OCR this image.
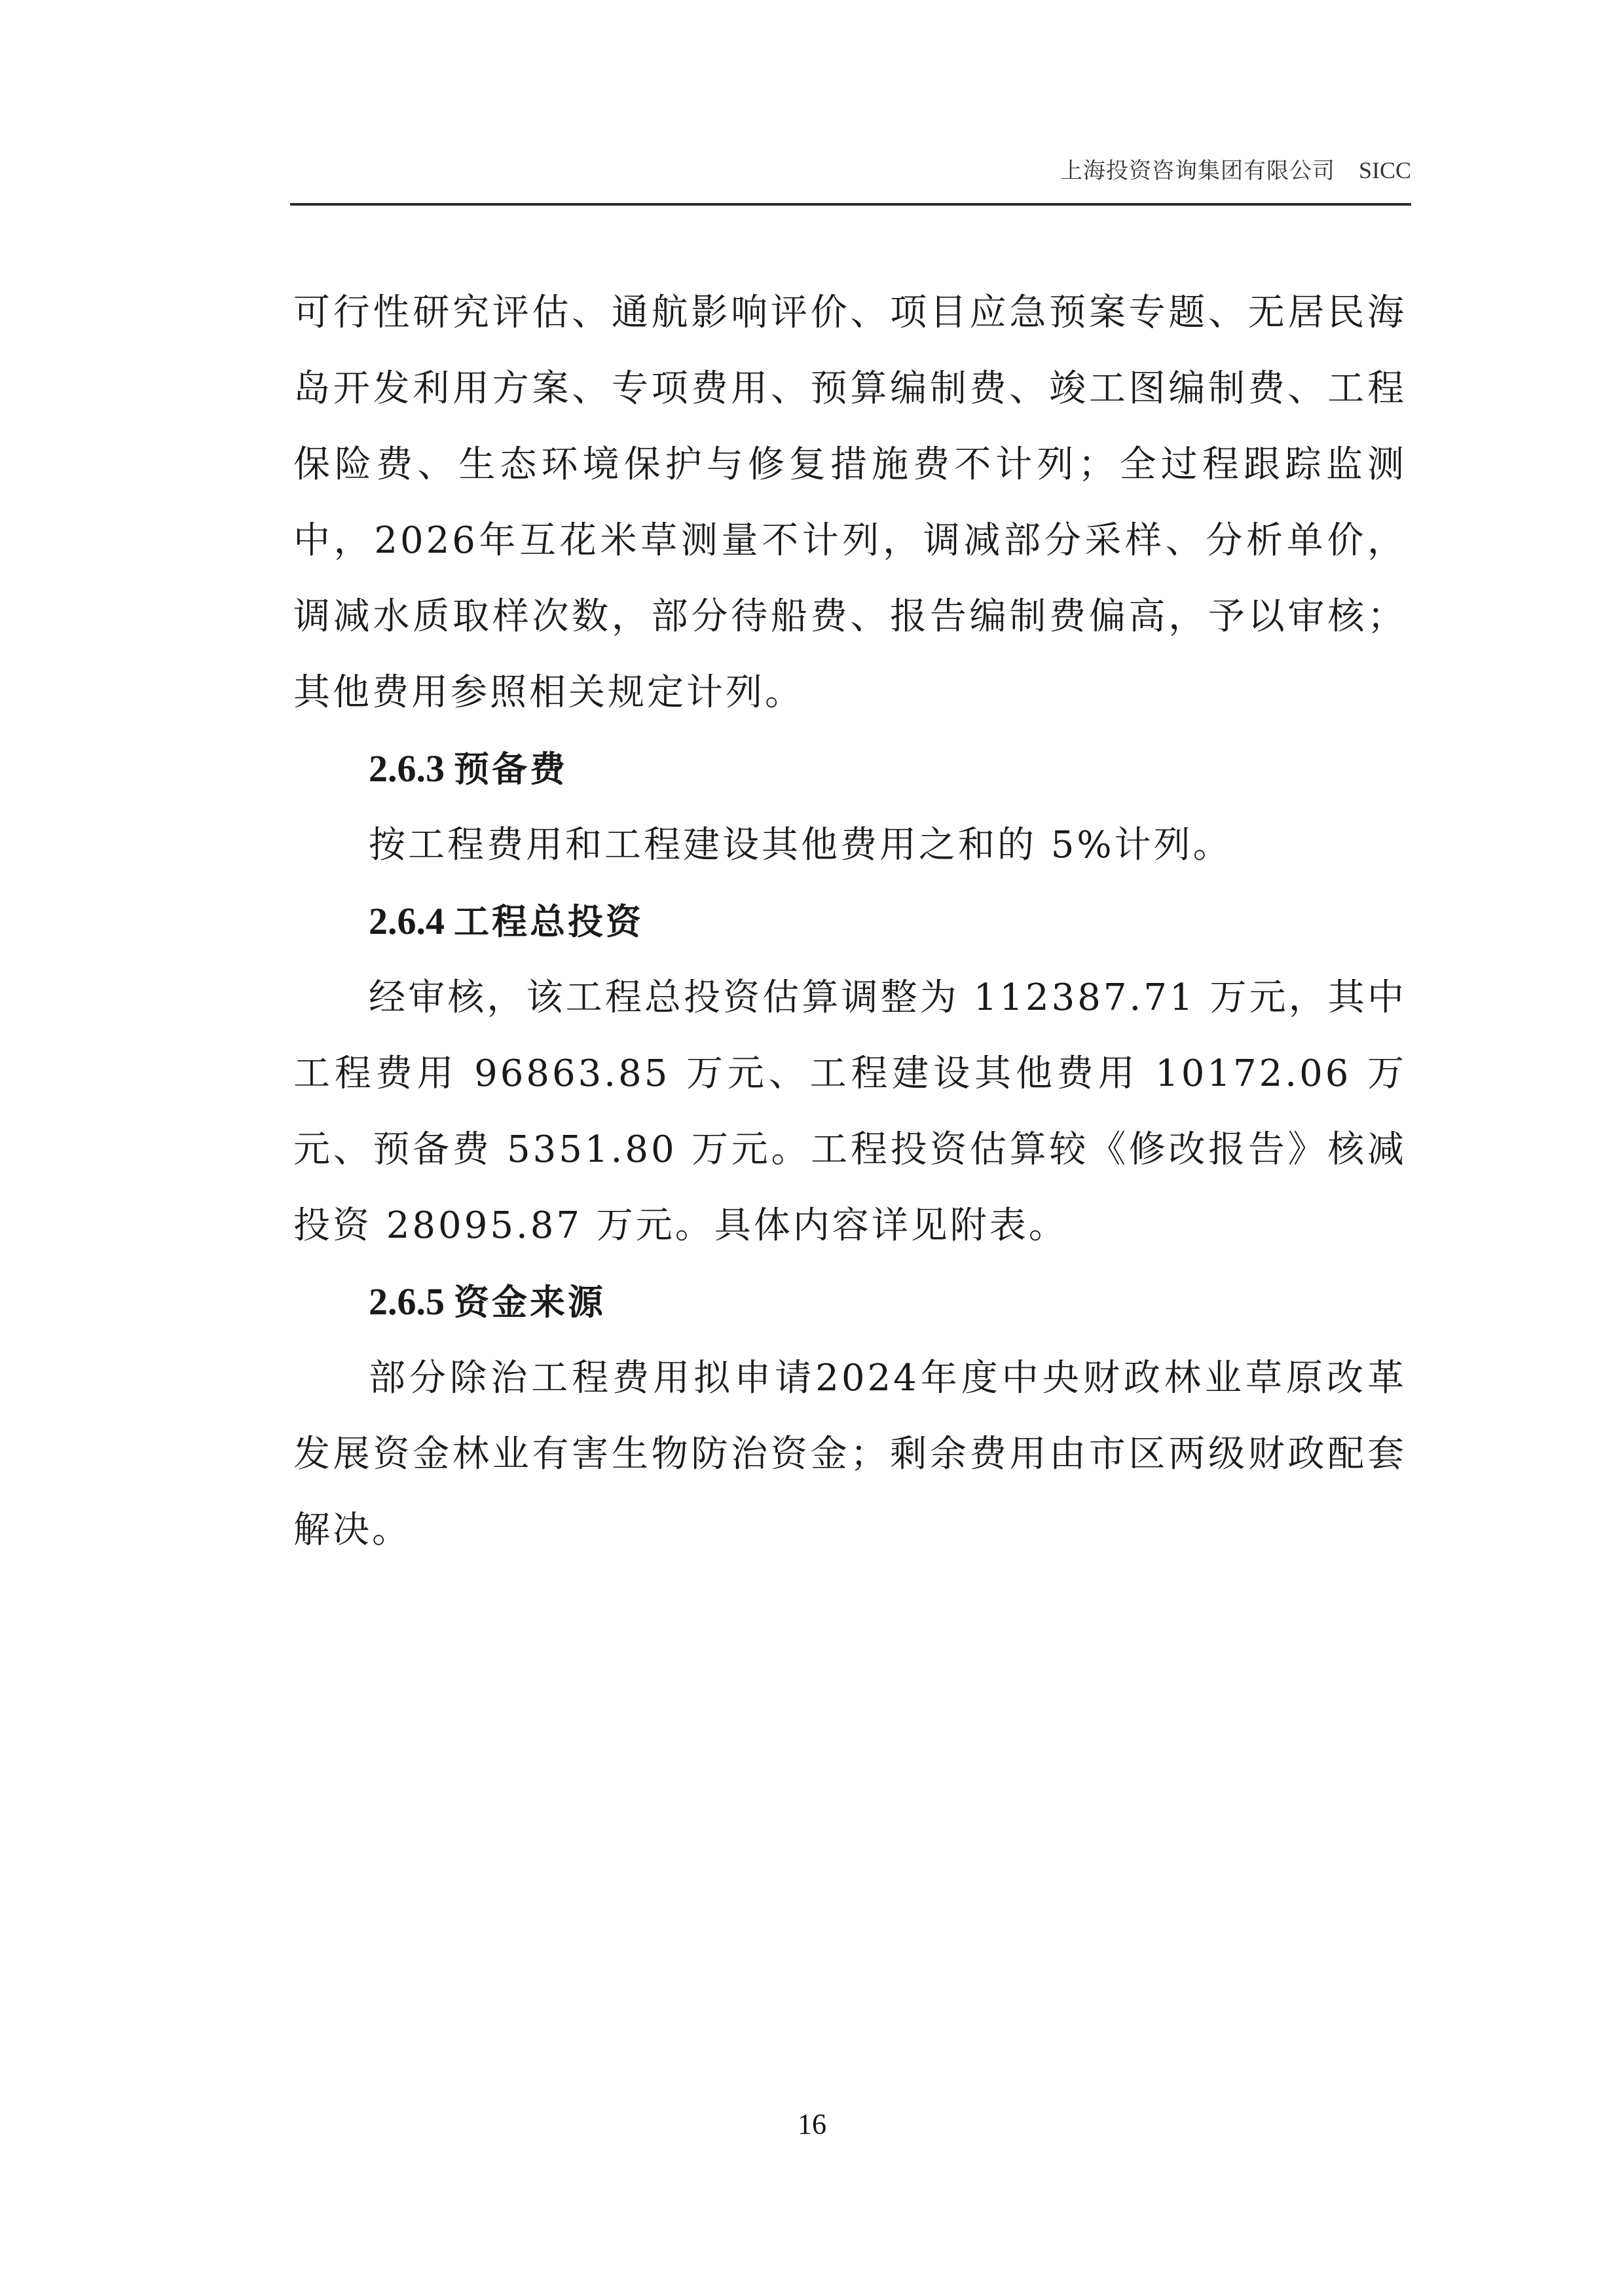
上海投资咨询集团有限公司 SICC

可行性研究评估、通航影响评价、项目应急预案专题、无居民海岛开发利用方案、专项费用、预算编制费、竣工图编制费、工程保险费、生态环境保护与修复措施费不计列；全过程跟踪监测中，2026年互花米草测量不计列，调减部分采样、分析单价，调减水质取样次数，部分待船费、报告编制费偏高，予以审核；其他费用参照相关规定计列。

2.6.3 预备费

按工程费用和工程建设其他费用之和的 5%计列。

2.6.4 工程总投资

经审核，该工程总投资估算调整为 112387.71 万元，其中工程费用 96863.85 万元、工程建设其他费用 10172.06 万元、预备费 5351.80 万元。工程投资估算较《修改报告》核减投资 28095.87 万元。具体内容详见附表。

2.6.5 资金来源

部分除治工程费用拟申请2024年度中央财政林业草原改革发展资金林业有害生物防治资金；剩余费用由市区两级财政配套解决。

16
